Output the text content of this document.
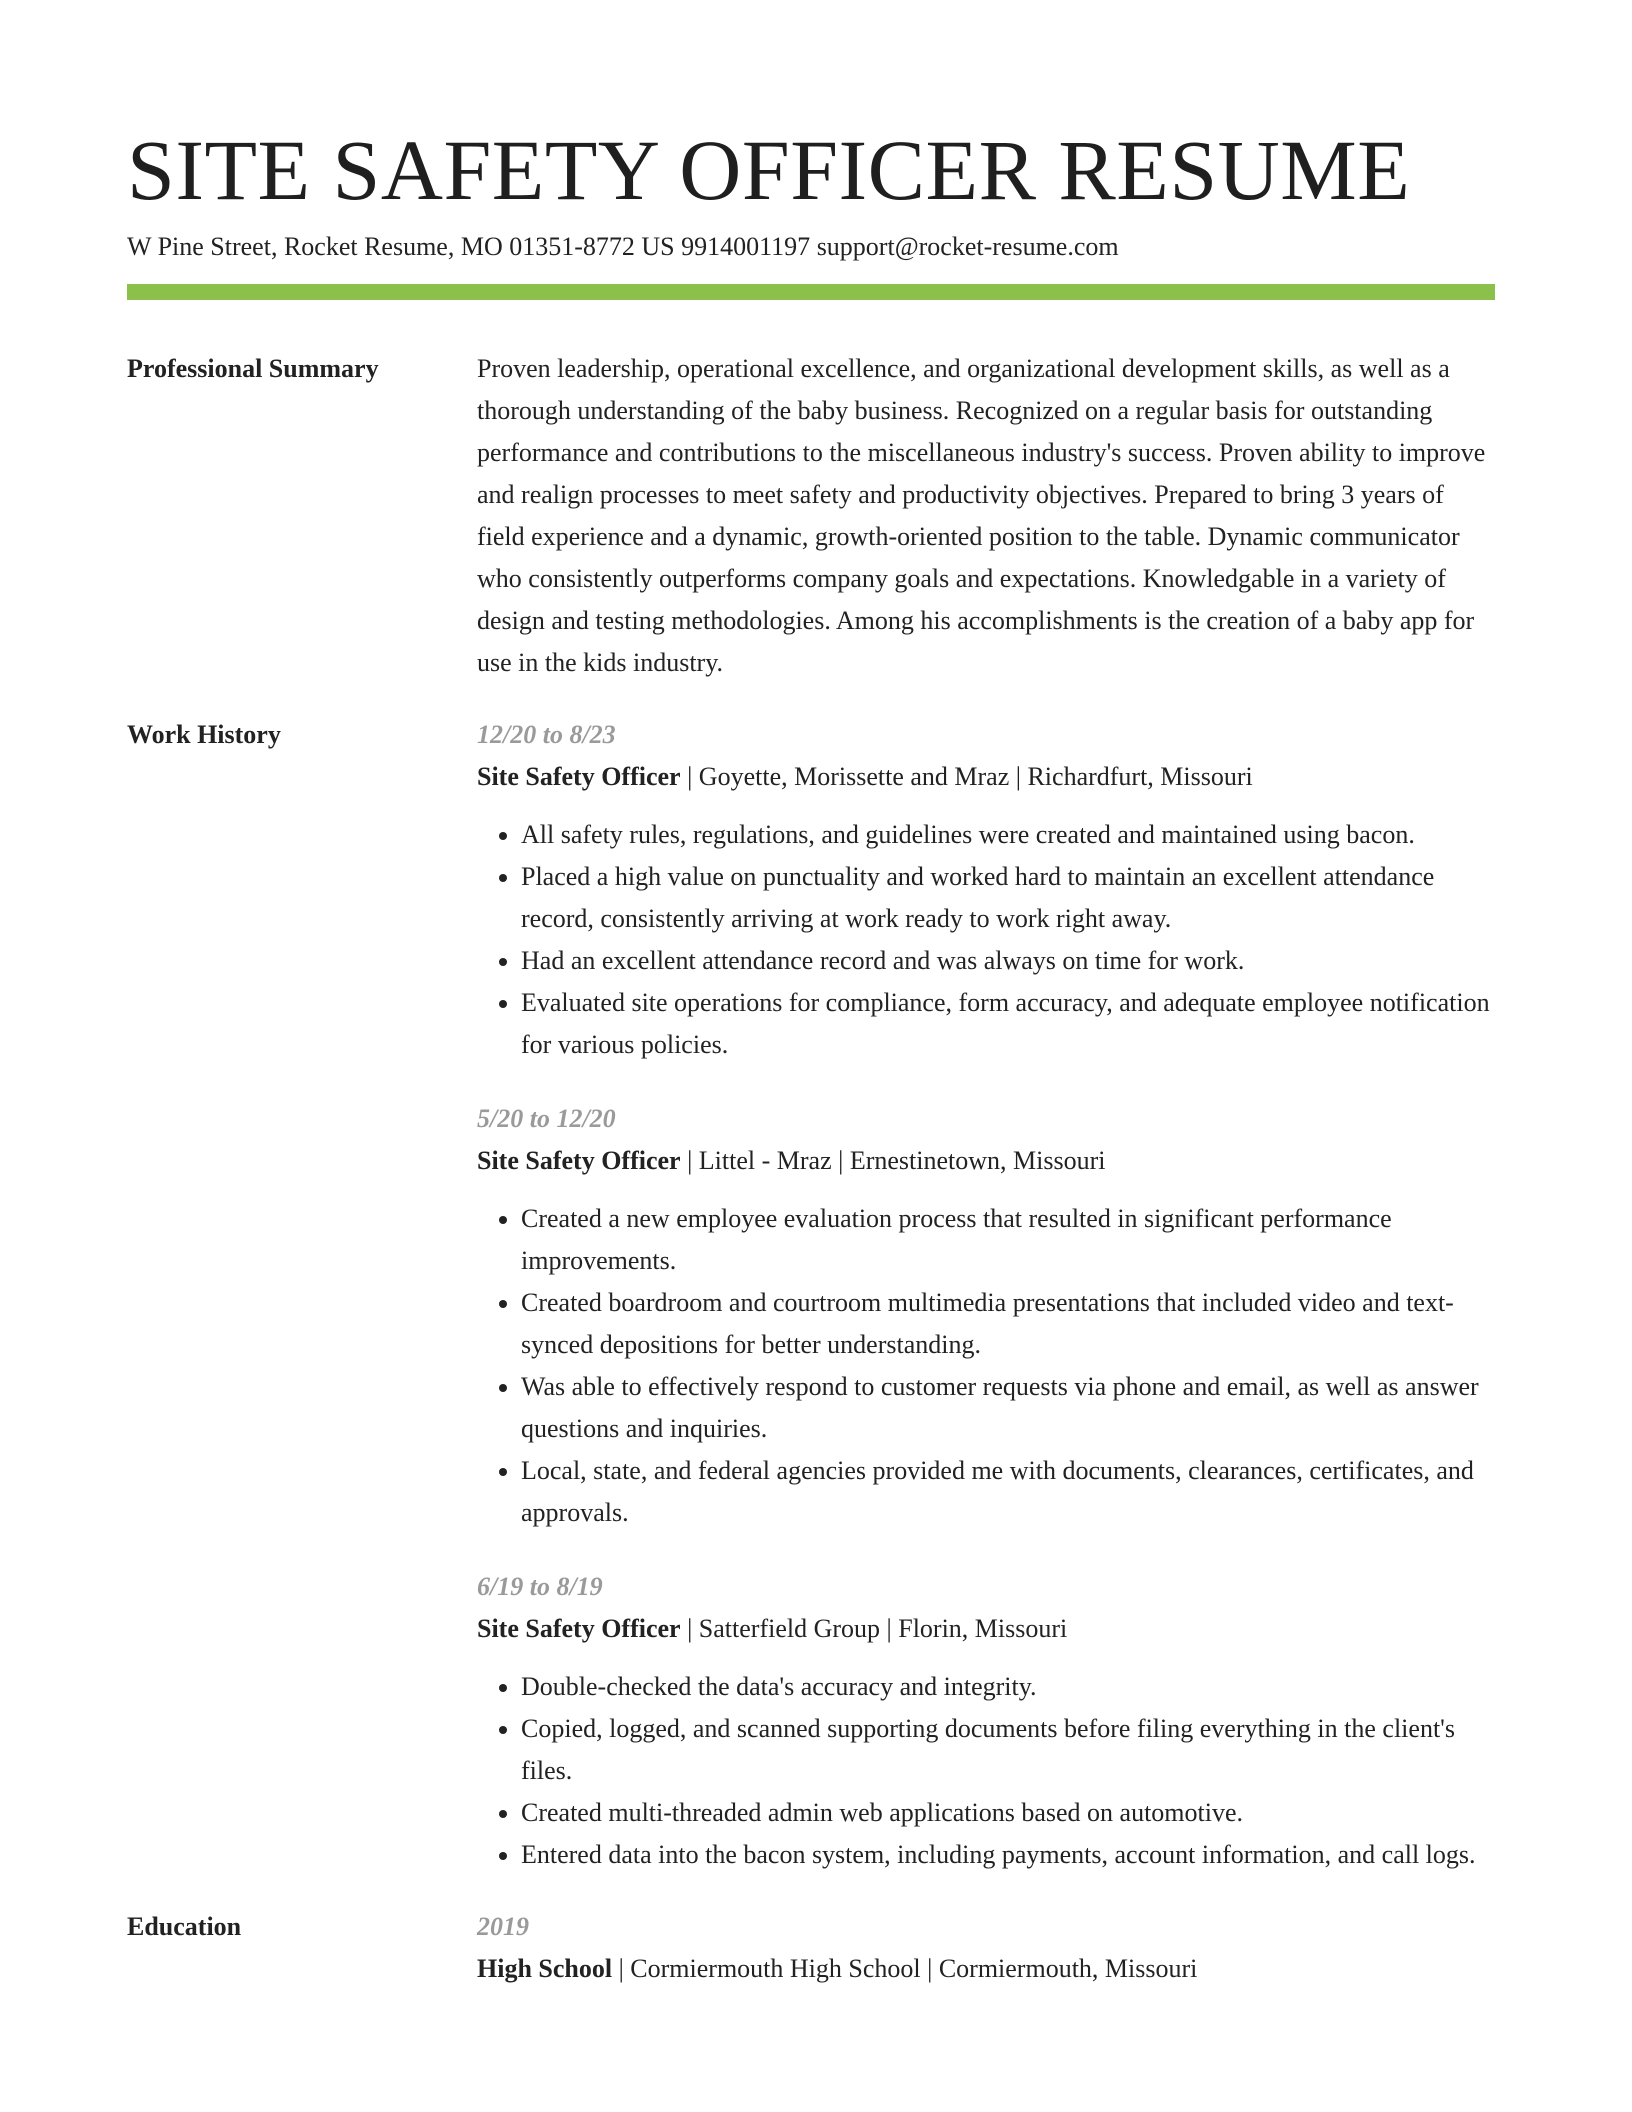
SITE SAFETY OFFICER RESUME
W Pine Street, Rocket Resume, MO 01351-8772 US 9914001197 support@rocket-resume.com
Professional Summary	Proven leadership, operational excellence, and organizational development skills, as well as a thorough understanding of the baby business. Recognized on a regular basis for outstanding performance and contributions to the miscellaneous industry's success. Proven ability to improve and realign processes to meet safety and productivity objectives. Prepared to bring 3 years of field experience and a dynamic, growth-oriented position to the table. Dynamic communicator who consistently outperforms company goals and expectations. Knowledgable in a variety of design and testing methodologies. Among his accomplishments is the creation of a baby app for use in the kids industry.

Work History	12/20 to 8/23
Site Safety Officer | Goyette, Morissette and Mraz | Richardfurt, Missouri
• All safety rules, regulations, and guidelines were created and maintained using bacon.
• Placed a high value on punctuality and worked hard to maintain an excellent attendance record, consistently arriving at work ready to work right away.
• Had an excellent attendance record and was always on time for work.
• Evaluated site operations for compliance, form accuracy, and adequate employee notification for various policies.
5/20 to 12/20
Site Safety Officer | Littel - Mraz | Ernestinetown, Missouri
• Created a new employee evaluation process that resulted in significant performance improvements.
• Created boardroom and courtroom multimedia presentations that included video and text-synced depositions for better understanding.
• Was able to effectively respond to customer requests via phone and email, as well as answer questions and inquiries.
• Local, state, and federal agencies provided me with documents, clearances, certificates, and approvals.
6/19 to 8/19
Site Safety Officer | Satterfield Group | Florin, Missouri
• Double-checked the data's accuracy and integrity.
• Copied, logged, and scanned supporting documents before filing everything in the client's files.
• Created multi-threaded admin web applications based on automotive.
• Entered data into the bacon system, including payments, account information, and call logs.
Education	2019
High School | Cormiermouth High School | Cormiermouth, Missouri
